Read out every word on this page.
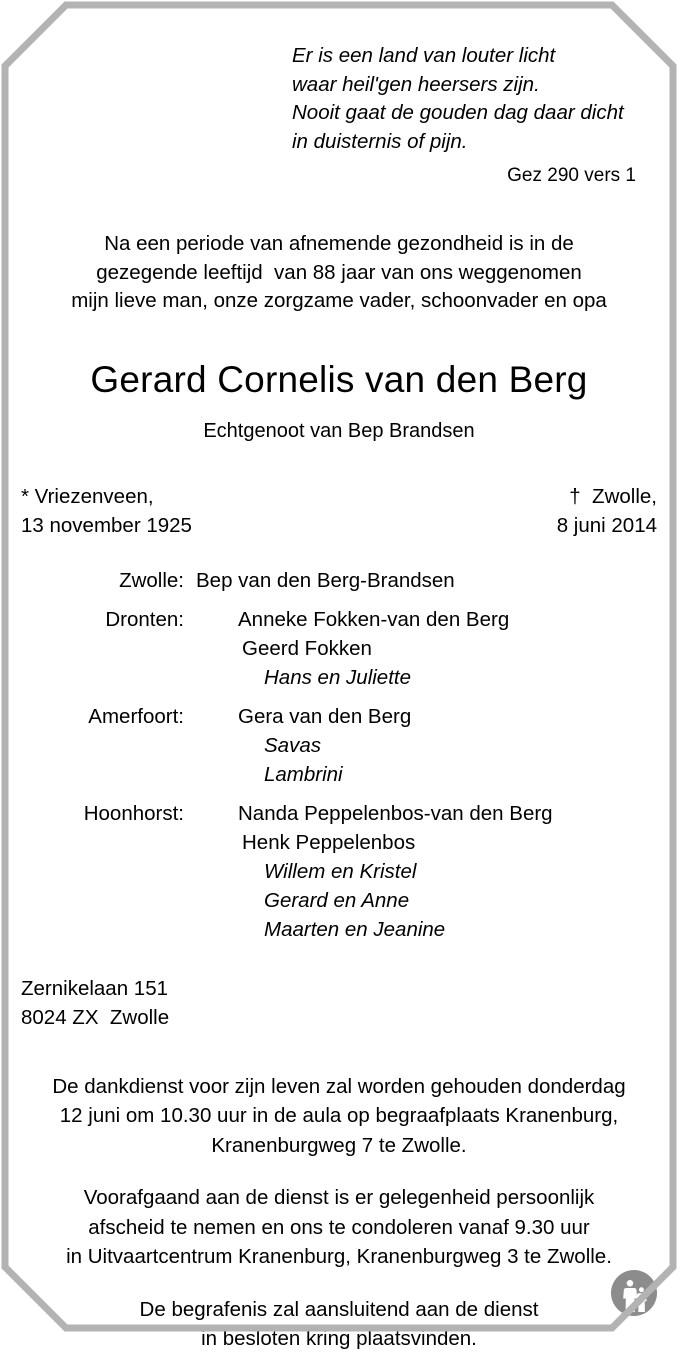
Er is een land van louter licht
waar heil'gen heersers zijn.
Nooit gaat de gouden dag daar dicht
in duisternis of pijn.
Gez 290 vers 1
Na een periode van afnemende gezondheid is in de
gezegende leeftijd  van 88 jaar van ons weggenomen
mijn lieve man, onze zorgzame vader, schoonvader en opa
Gerard Cornelis van den Berg
Echtgenoot van Bep Brandsen
* Vriezenveen,
13 november 1925
†  Zwolle,
8 juni 2014
Zwolle: Bep van den Berg-Brandsen
Dronten:	Anneke Fokken-van den Berg
Geerd Fokken
Hans en Juliette
Amerfoort:	Gera van den Berg
Savas
Lambrini
Hoonhorst:	Nanda Peppelenbos-van den Berg
Henk Peppelenbos
Willem en Kristel
Gerard en Anne
Maarten en Jeanine
Zernikelaan 151
8024 ZX  Zwolle

De dankdienst voor zijn leven zal worden gehouden donderdag
12 juni om 10.30 uur in de aula op begraafplaats Kranenburg,
Kranenburgweg 7 te Zwolle.

Voorafgaand aan de dienst is er gelegenheid persoonlijk
afscheid te nemen en ons te condoleren vanaf 9.30 uur
in Uitvaartcentrum Kranenburg, Kranenburgweg 3 te Zwolle.

De begrafenis zal aansluitend aan de dienst
in besloten kring plaatsvinden.
